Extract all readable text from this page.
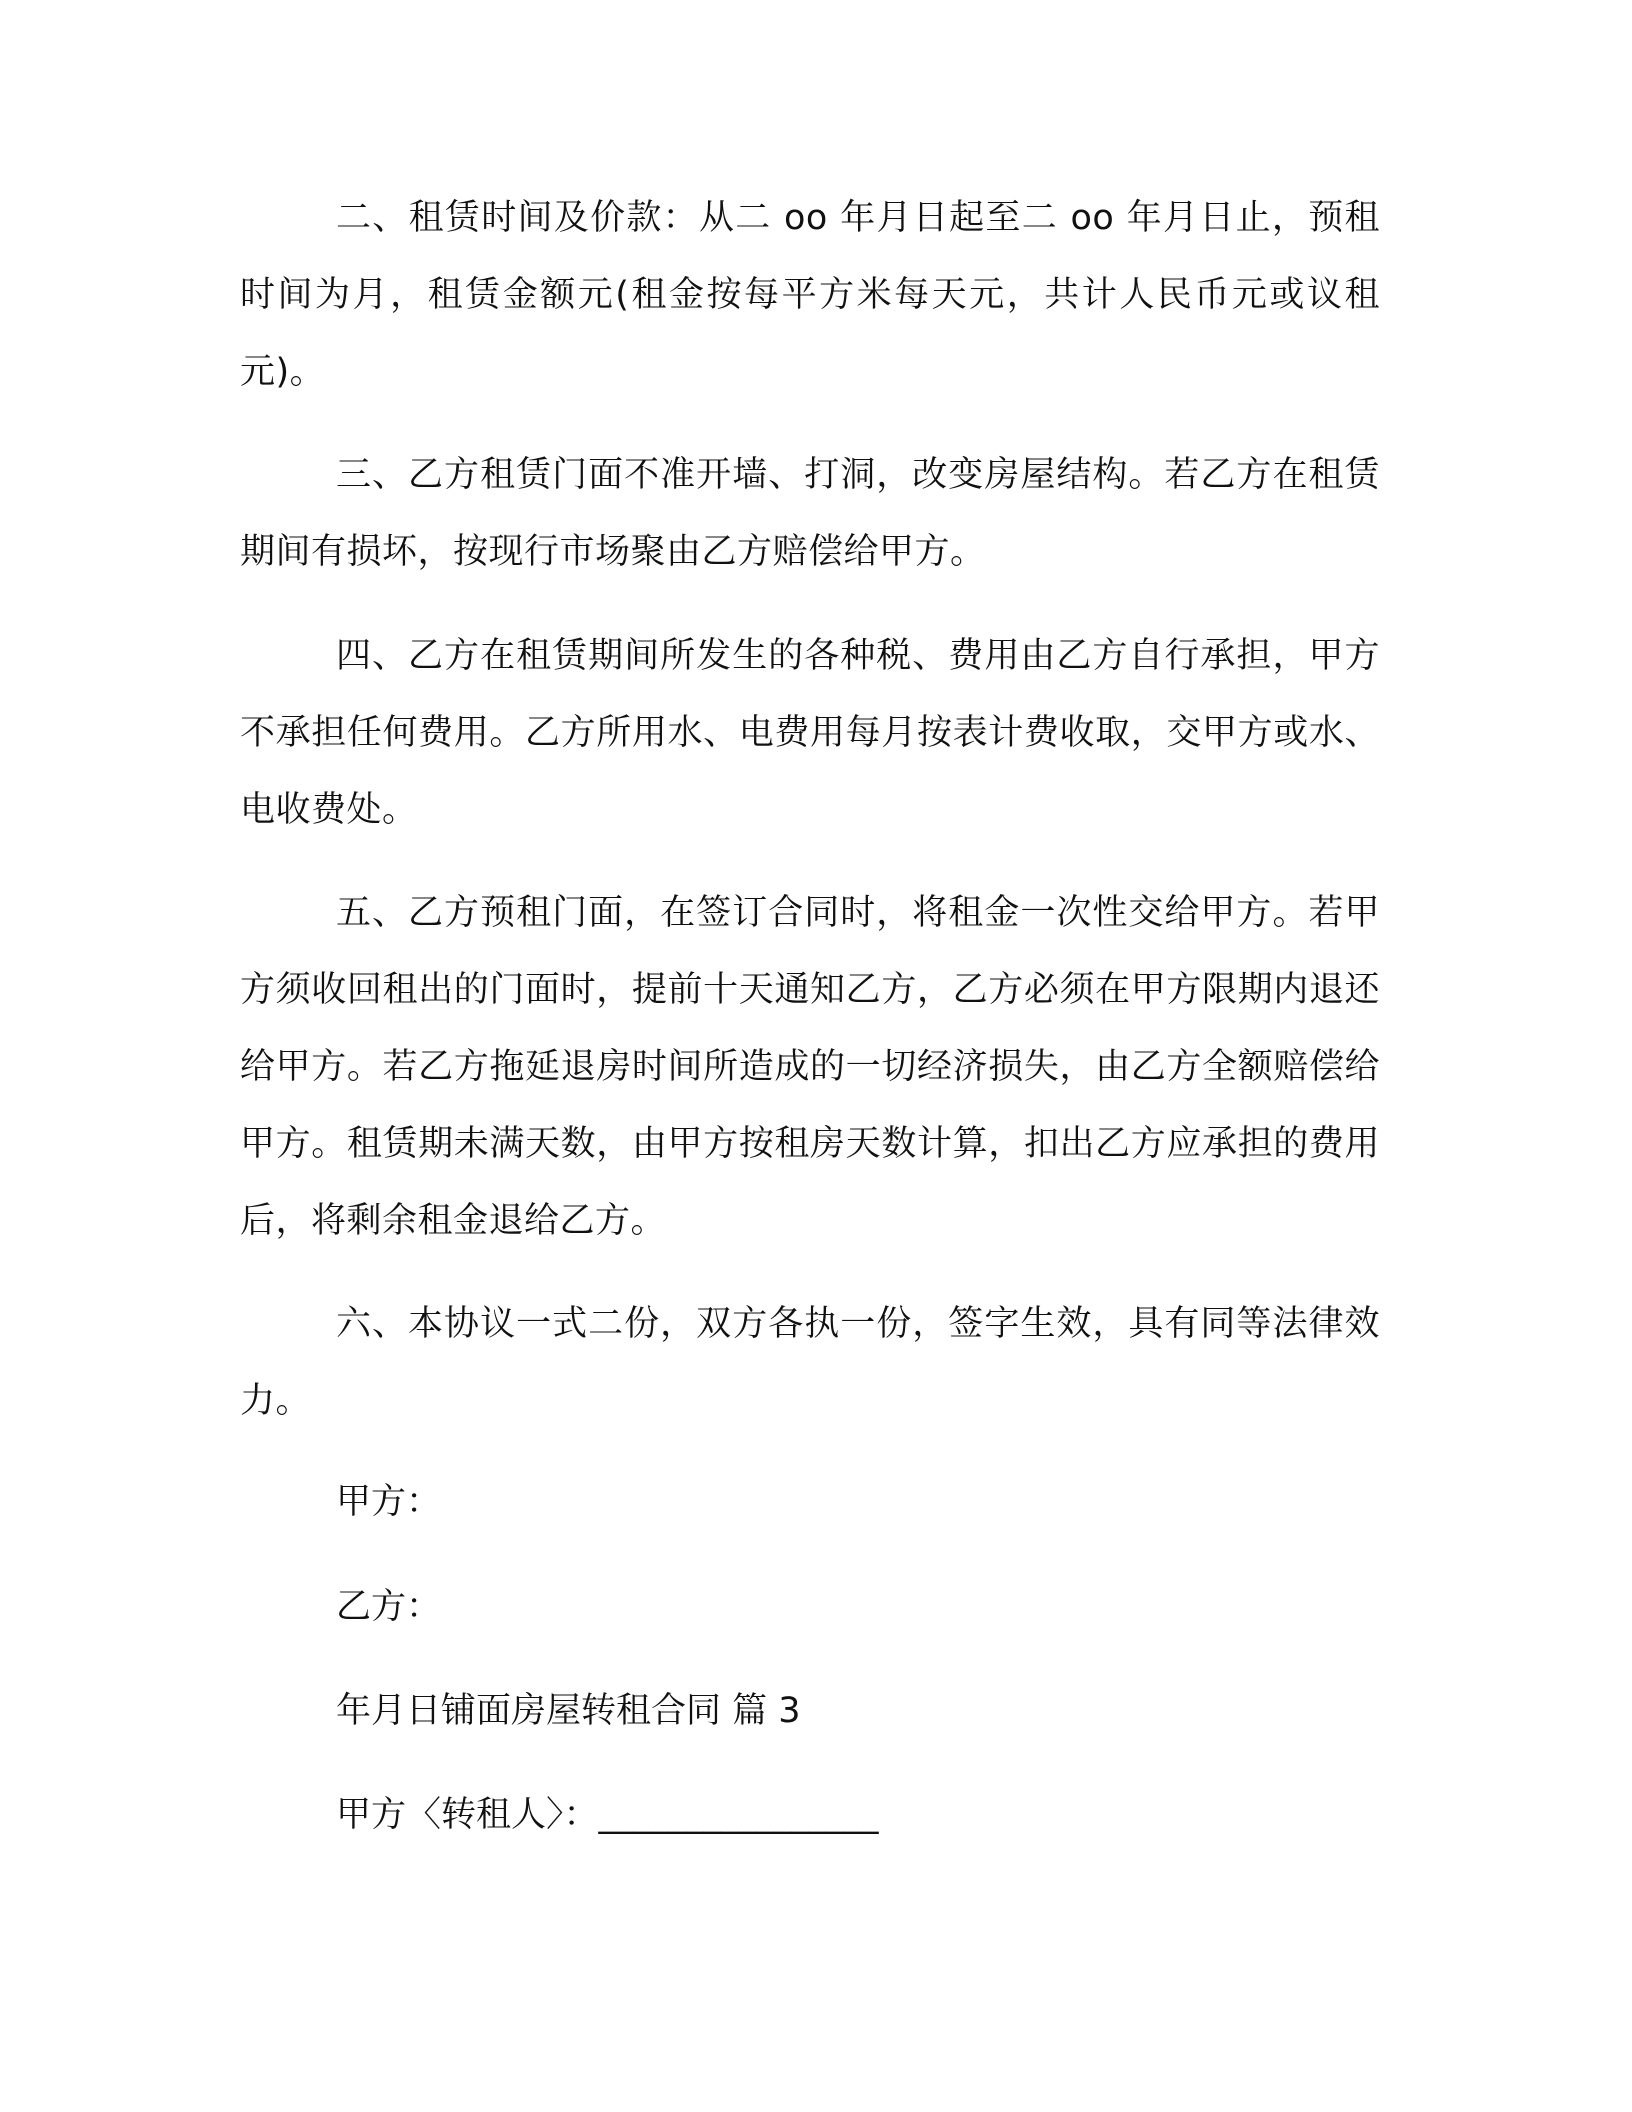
二、租赁时间及价款：从二 oo 年月日起至二 oo 年月日止，预租时间为月，租赁金额元(租金按每平方米每天元，共计人民币元或议租元)。

三、乙方租赁门面不准开墙、打洞，改变房屋结构。若乙方在租赁期间有损坏，按现行市场聚由乙方赔偿给甲方。

四、乙方在租赁期间所发生的各种税、费用由乙方自行承担，甲方不承担任何费用。乙方所用水、电费用每月按表计费收取，交甲方或水、电收费处。

五、乙方预租门面，在签订合同时，将租金一次性交给甲方。若甲方须收回租出的门面时，提前十天通知乙方，乙方必须在甲方限期内退还给甲方。若乙方拖延退房时间所造成的一切经济损失，由乙方全额赔偿给甲方。租赁期未满天数，由甲方按租房天数计算，扣出乙方应承担的费用后，将剩余租金退给乙方。

六、本协议一式二份，双方各执一份，签字生效，具有同等法律效力。

甲方：

乙方：

年月日铺面房屋转租合同 篇 3

甲方〈转租人〉：________________
